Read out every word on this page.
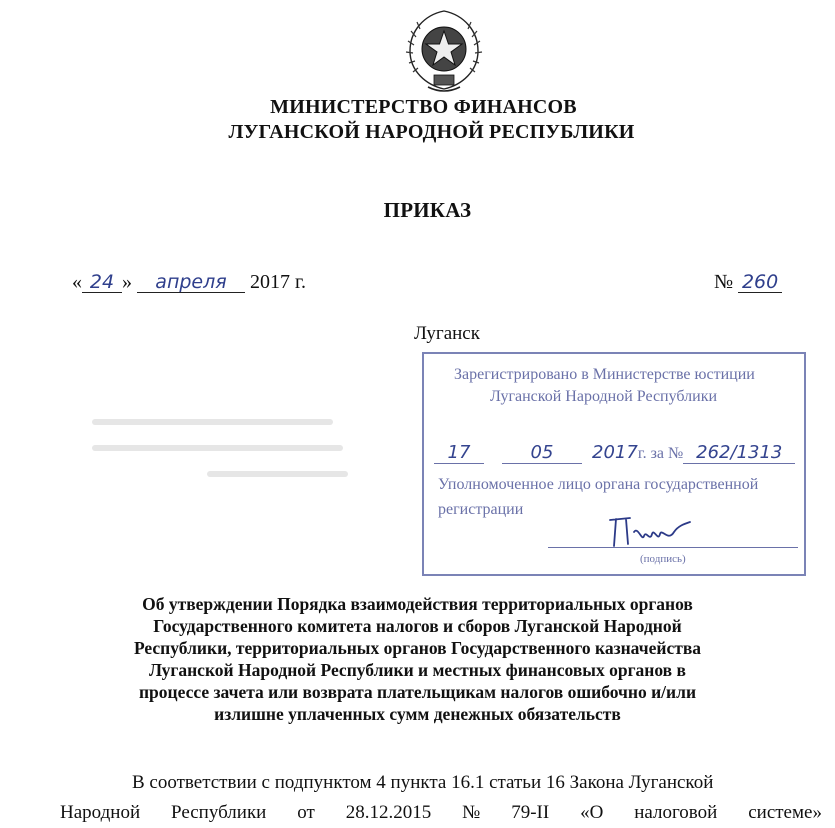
МИНИСТЕРСТВО ФИНАНСОВ
ЛУГАНСКОЙ НАРОДНОЙ РЕСПУБЛИКИ
ПРИКАЗ
« 24 » апреля 2017 г.	№ 260
Луганск
Зарегистрировано в Министерстве юстиции
Луганской Народной Республики
17	05 2017г. за № 262/1313
Уполномоченное лицо органа государственной
регистрации
(подпись)
Об утверждении Порядка взаимодействия территориальных органов
Государственного комитета налогов и сборов Луганской Народной
Республики, территориальных органов Государственного казначейства
Луганской Народной Республики и местных финансовых органов в
процессе зачета или возврата плательщикам налогов ошибочно и/или
излишне уплаченных сумм денежных обязательств
В соответствии с подпунктом 4 пункта 16.1 статьи 16 Закона Луганской
Народной Республики от 28.12.2015 № 79-II «О налоговой системе»
